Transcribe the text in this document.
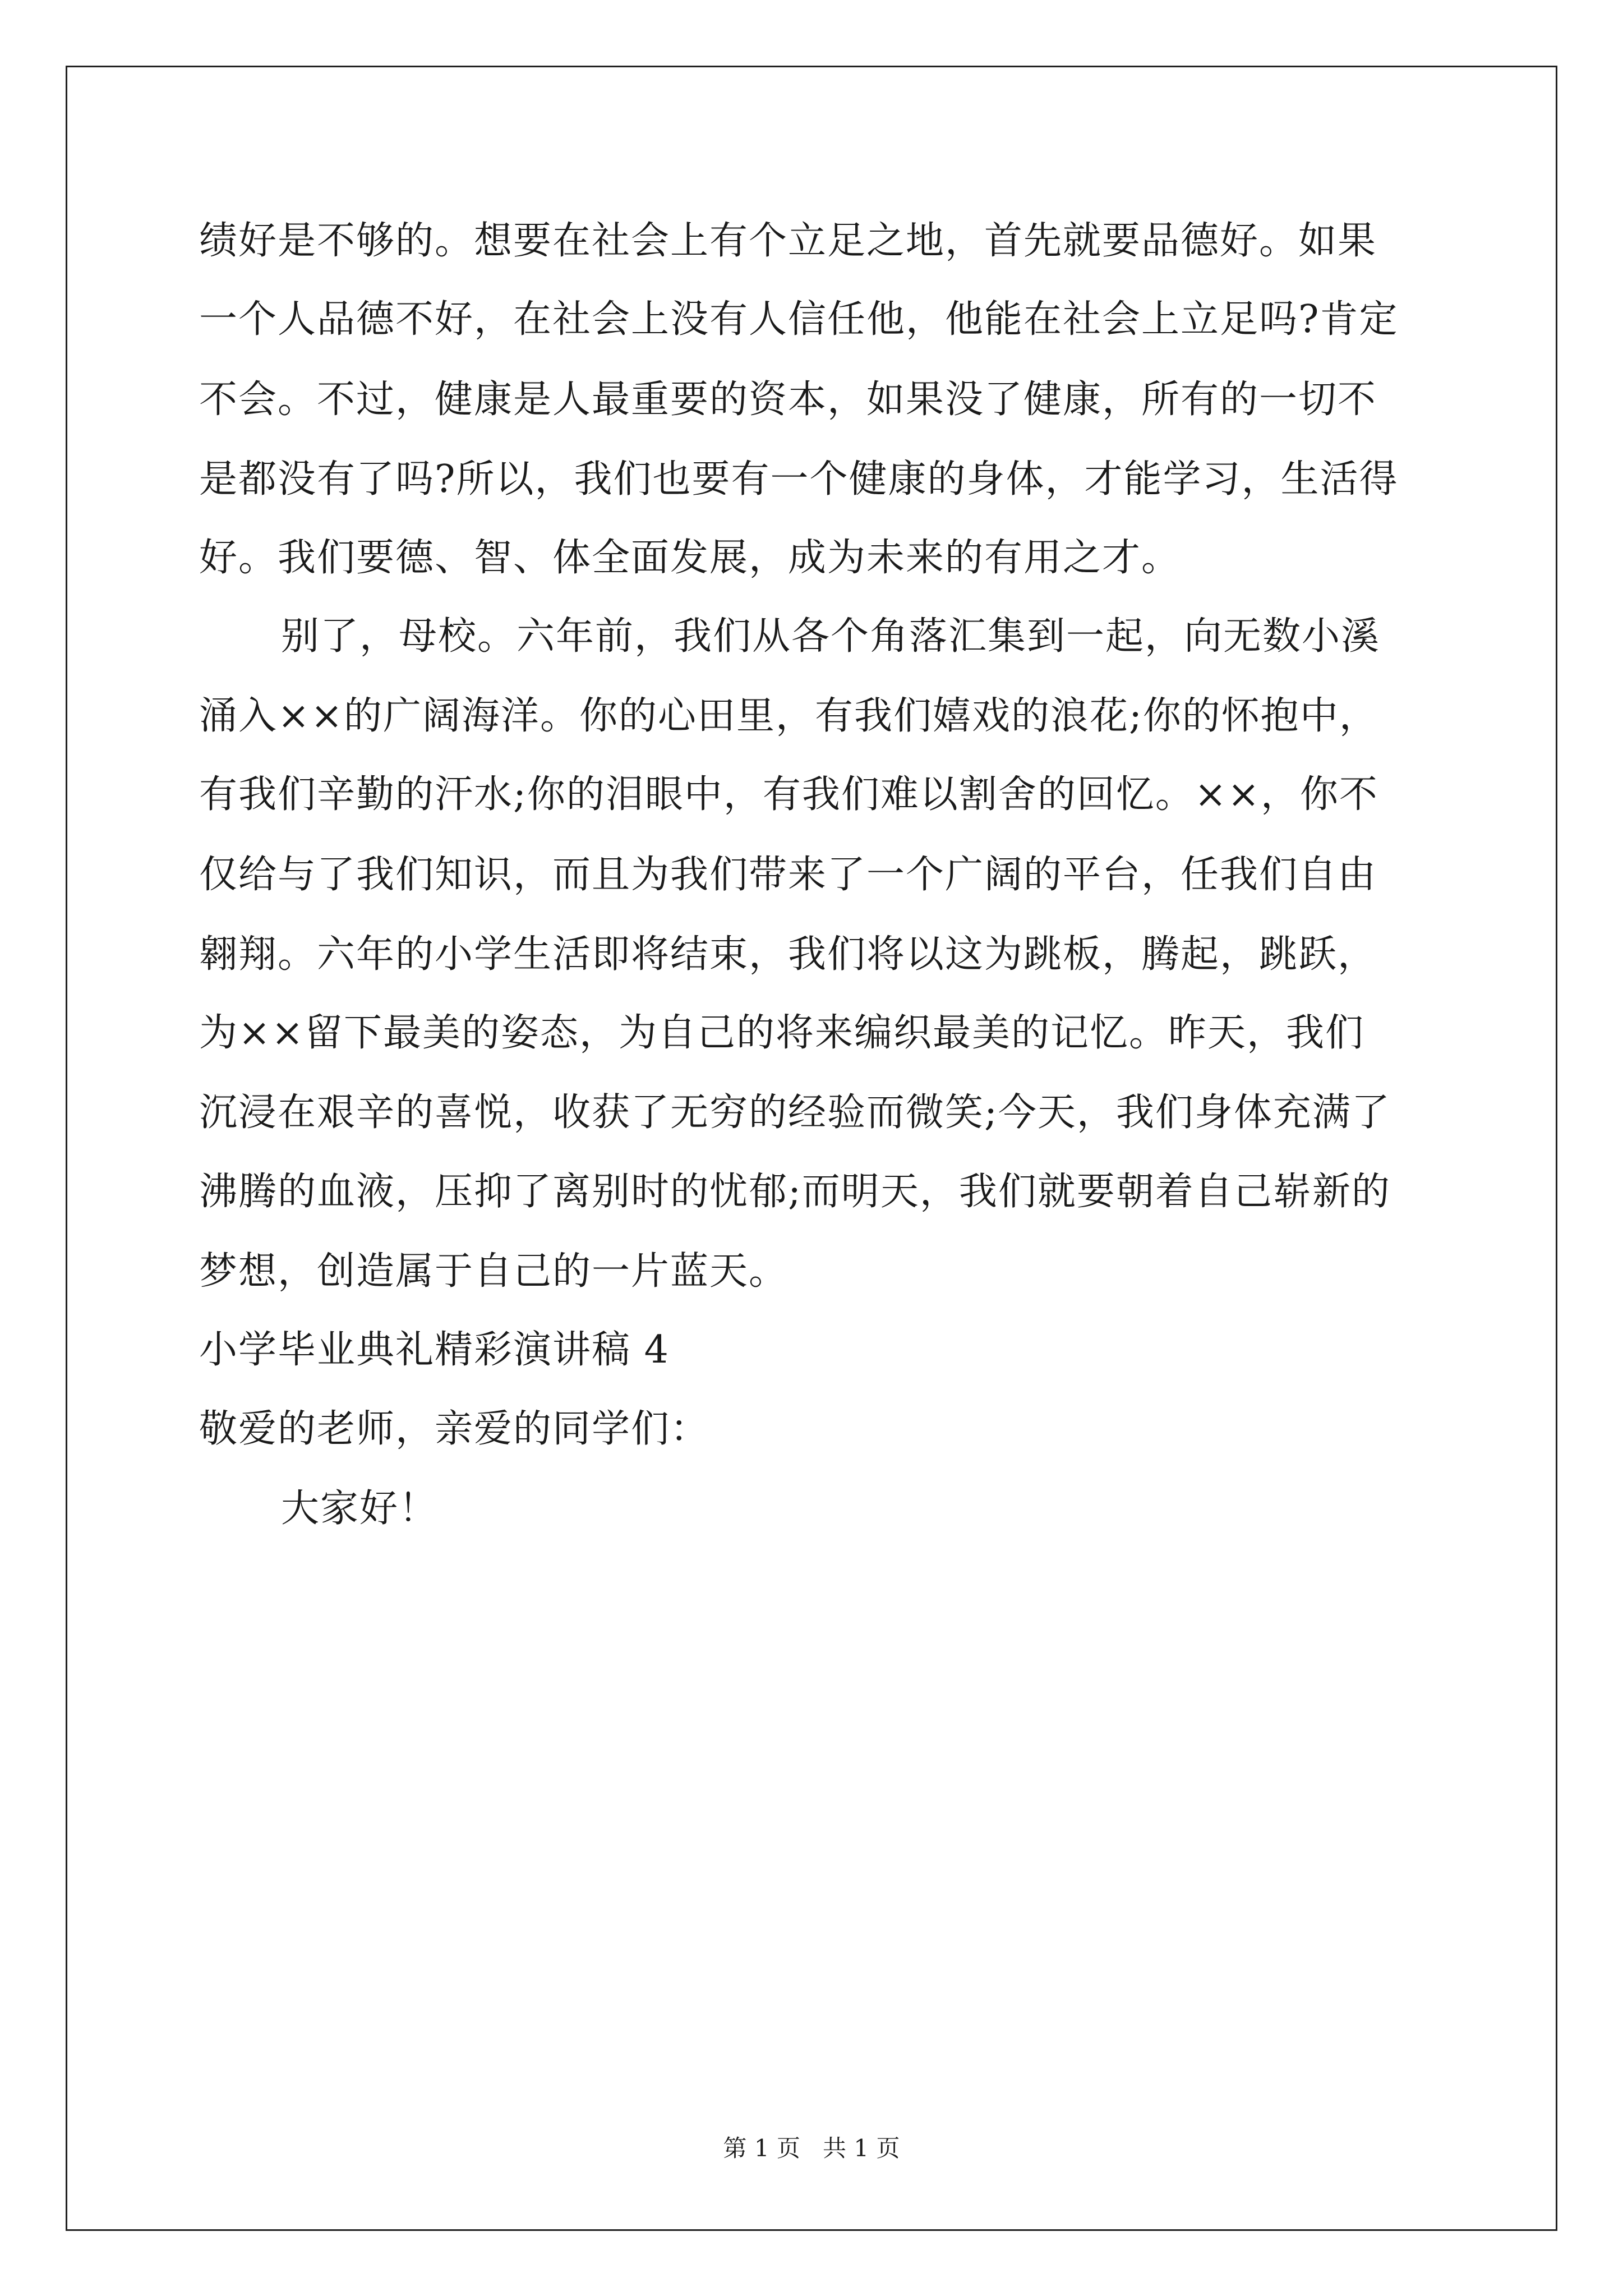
绩好是不够的。想要在社会上有个立足之地，首先就要品德好。如果
一个人品德不好，在社会上没有人信任他，他能在社会上立足吗?肯定
不会。不过，健康是人最重要的资本，如果没了健康，所有的一切不
是都没有了吗?所以，我们也要有一个健康的身体，才能学习，生活得
好。我们要德、智、体全面发展，成为未来的有用之才。
别了，母校。六年前，我们从各个角落汇集到一起，向无数小溪
涌入××的广阔海洋。你的心田里，有我们嬉戏的浪花;你的怀抱中，
有我们辛勤的汗水;你的泪眼中，有我们难以割舍的回忆。××，你不
仅给与了我们知识，而且为我们带来了一个广阔的平台，任我们自由
翱翔。六年的小学生活即将结束，我们将以这为跳板，腾起，跳跃，
为××留下最美的姿态，为自己的将来编织最美的记忆。昨天，我们
沉浸在艰辛的喜悦，收获了无穷的经验而微笑;今天，我们身体充满了
沸腾的血液，压抑了离别时的忧郁;而明天，我们就要朝着自己崭新的
梦想，创造属于自己的一片蓝天。
小学毕业典礼精彩演讲稿 4
敬爱的老师，亲爱的同学们：
大家好！
第 1 页   共 1 页
